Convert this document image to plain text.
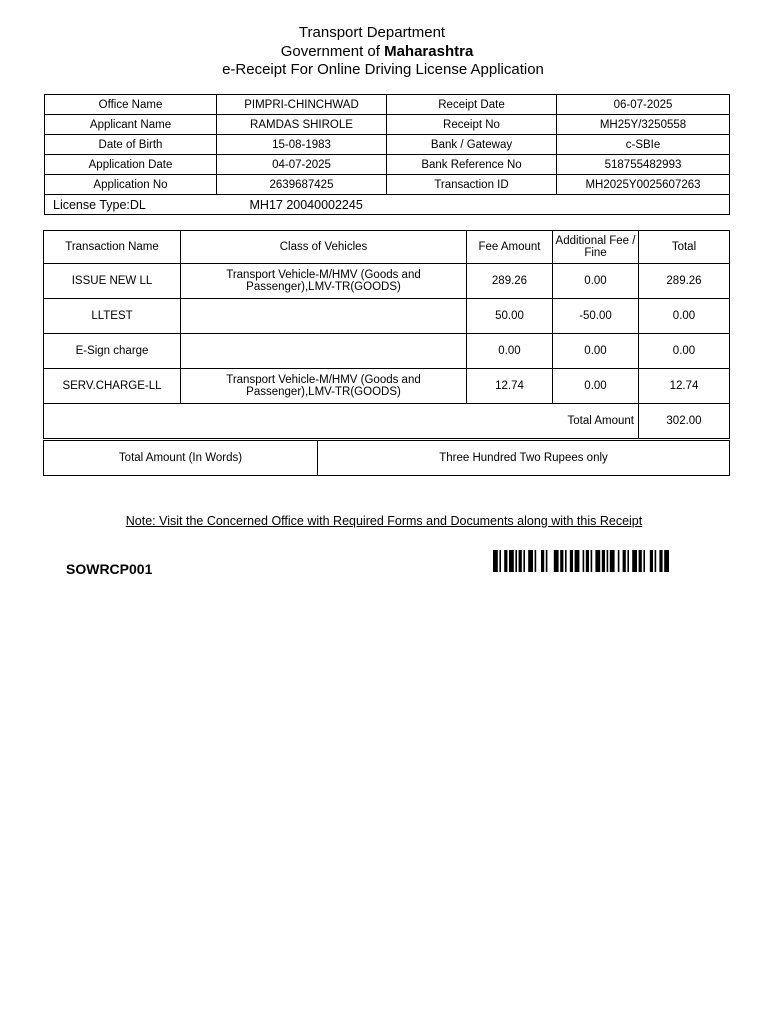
Transport Department
Government of Maharashtra
e-Receipt For Online Driving License Application
Office Name	PIMPRI-CHINCHWAD	Receipt Date	06-07-2025
Applicant Name	RAMDAS SHIROLE	Receipt No	MH25Y/3250558
Date of Birth	15-08-1983	Bank / Gateway	c-SBIe
Application Date	04-07-2025	Bank Reference No	518755482993
Application No	2639687425	Transaction ID	MH2025Y0025607263
License Type:DL	MH17 20040002245		
Transaction Name	Class of Vehicles	Fee Amount	Additional Fee / Fine	Total
ISSUE NEW LL	Transport Vehicle-M/HMV (Goods and Passenger),LMV-TR(GOODS)	289.26	0.00	289.26
LLTEST		50.00	-50.00	0.00
E-Sign charge		0.00	0.00	0.00
SERV.CHARGE-LL	Transport Vehicle-M/HMV (Goods and Passenger),LMV-TR(GOODS)	12.74	0.00	12.74
Total Amount				302.00
Total Amount (In Words)	Three Hundred Two Rupees only
Note: Visit the Concerned Office with Required Forms and Documents along with this Receipt
SOWRCP001
